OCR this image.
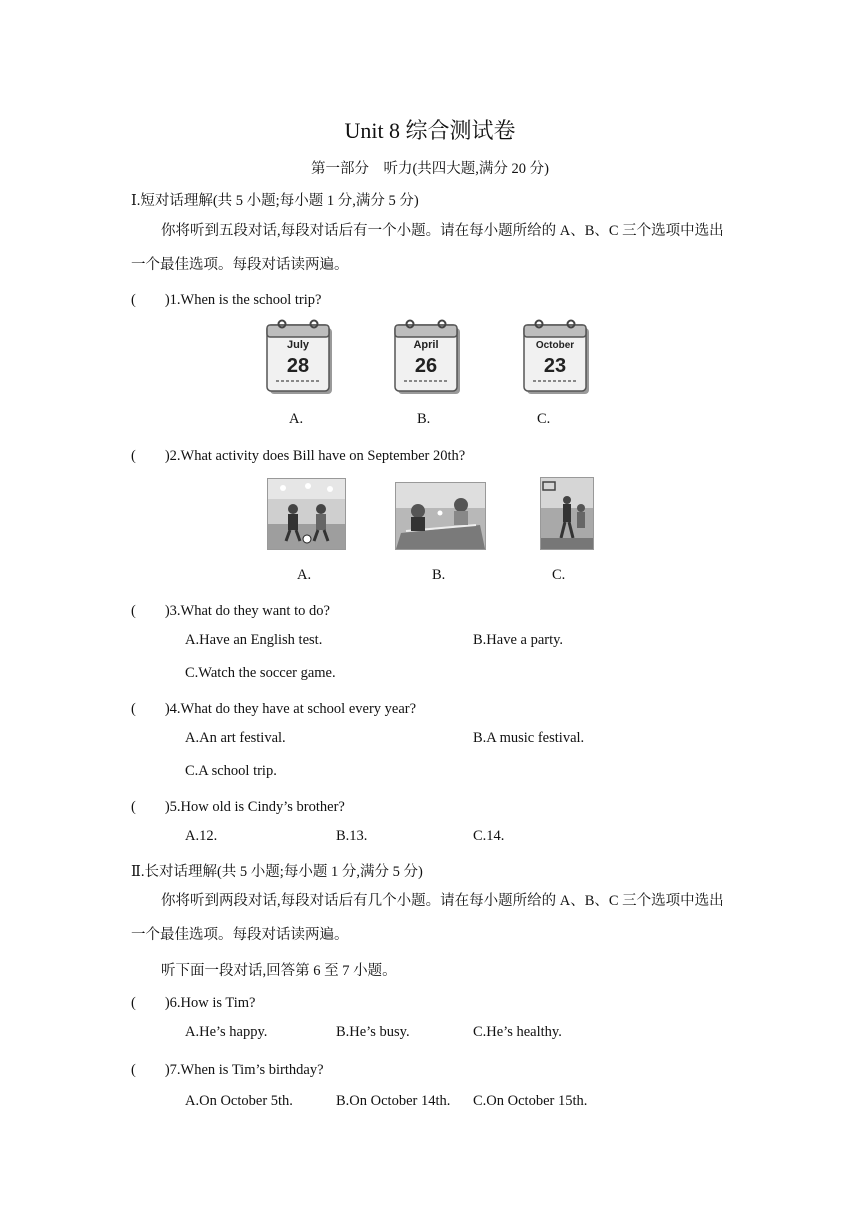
Unit 8 综合测试卷
第一部分　听力(共四大题,满分 20 分)
Ⅰ.短对话理解(共 5 小题;每小题 1 分,满分 5 分)
你将听到五段对话,每段对话后有一个小题。请在每小题所给的 A、B、C 三个选项中选出一个最佳选项。每段对话读两遍。
(　　)1.When is the school trip?
July
28
April
26
October
23
A.	B.	C.
(　　)2.What activity does Bill have on September 20th?
A.	B.	C.
(　　)3.What do they want to do?
A.Have an English test.	B.Have a party.
C.Watch the soccer game.
(　　)4.What do they have at school every year?
A.An art festival.	B.A music festival.
C.A school trip.
(　　)5.How old is Cindy’s brother?
A.12.	B.13.	C.14.
Ⅱ.长对话理解(共 5 小题;每小题 1 分,满分 5 分)
你将听到两段对话,每段对话后有几个小题。请在每小题所给的 A、B、C 三个选项中选出一个最佳选项。每段对话读两遍。
听下面一段对话,回答第 6 至 7 小题。
(　　)6.How is Tim?
A.He’s happy.	B.He’s busy.	C.He’s healthy.
(　　)7.When is Tim’s birthday?
A.On October 5th.	B.On October 14th. C.On October 15th.
